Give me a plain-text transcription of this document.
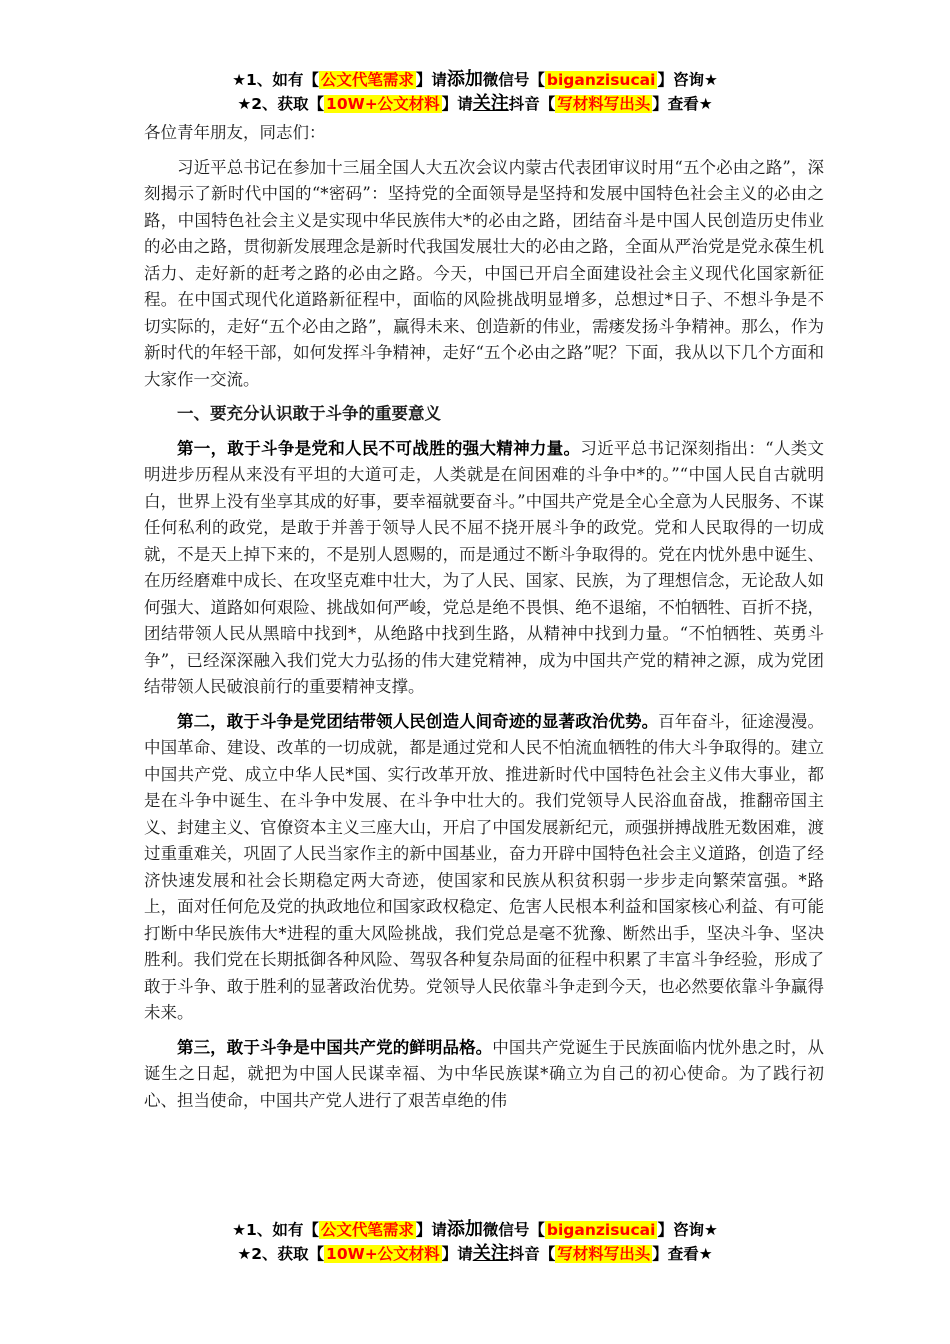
★1、如有【 公文代笔需求 】请添加微信号【 biganzisucai 】咨询★
★2、获取【 10W+公文材料 】请关注抖音【 写材料写出头 】查看★

各位青年朋友，同志们：

习近平总书记在参加十三届全国人大五次会议内蒙古代表团审议时用“五个必由之路”，深刻揭示了新时代中国的“*密码”：坚持党的全面领导是坚持和发展中国特色社会主义的必由之路，中国特色社会主义是实现中华民族伟大*的必由之路，团结奋斗是中国人民创造历史伟业的必由之路，贯彻新发展理念是新时代我国发展壮大的必由之路，全面从严治党是党永葆生机活力、走好新的赶考之路的必由之路。今天，中国已开启全面建设社会主义现代化国家新征程。在中国式现代化道路新征程中，面临的风险挑战明显增多，总想过*日子、不想斗争是不切实际的，走好“五个必由之路”，赢得未来、创造新的伟业，需瘘发扬斗争精神。那么，作为新时代的年轻干部，如何发挥斗争精神，走好“五个必由之路”呢？下面，我从以下几个方面和大家作一交流。

一、要充分认识敢于斗争的重要意义

第一，敢于斗争是党和人民不可战胜的强大精神力量。习近平总书记深刻指出：“人类文明进步历程从来没有平坦的大道可走，人类就是在间困难的斗争中*的。”“中国人民自古就明白，世界上没有坐享其成的好事，要幸福就要奋斗。”中国共产党是全心全意为人民服务、不谋任何私利的政党，是敢于并善于领导人民不屈不挠开展斗争的政党。党和人民取得的一切成就，不是天上掉下来的，不是别人恩赐的，而是通过不断斗争取得的。党在内忧外患中诞生、在历经磨难中成长、在攻坚克难中壮大，为了人民、国家、民族，为了理想信念，无论敌人如何强大、道路如何艰险、挑战如何严峻，党总是绝不畏惧、绝不退缩，不怕牺牲、百折不挠，团结带领人民从黑暗中找到*，从绝路中找到生路，从精神中找到力量。“不怕牺牲、英勇斗争”，已经深深融入我们党大力弘扬的伟大建党精神，成为中国共产党的精神之源，成为党团结带领人民破浪前行的重要精神支撑。

第二，敢于斗争是党团结带领人民创造人间奇迹的显著政治优势。百年奋斗，征途漫漫。中国革命、建设、改革的一切成就，都是通过党和人民不怕流血牺牲的伟大斗争取得的。建立中国共产党、成立中华人民*国、实行改革开放、推进新时代中国特色社会主义伟大事业，都是在斗争中诞生、在斗争中发展、在斗争中壮大的。我们党领导人民浴血奋战，推翻帝国主义、封建主义、官僚资本主义三座大山，开启了中国发展新纪元，顽强拼搏战胜无数困难，渡过重重难关，巩固了人民当家作主的新中国基业，奋力开辟中国特色社会主义道路，创造了经济快速发展和社会长期稳定两大奇迹，使国家和民族从积贫积弱一步步走向繁荣富强。*路上，面对任何危及党的执政地位和国家政权稳定、危害人民根本利益和国家核心利益、有可能打断中华民族伟大*进程的重大风险挑战，我们党总是毫不犹豫、断然出手，坚决斗争、坚决胜利。我们党在长期抵御各种风险、驾驭各种复杂局面的征程中积累了丰富斗争经验，形成了敢于斗争、敢于胜利的显著政治优势。党领导人民依靠斗争走到今天，也必然要依靠斗争赢得未来。

第三，敢于斗争是中国共产党的鲜明品格。中国共产党诞生于民族面临内忧外患之时，从诞生之日起，就把为中国人民谋幸福、为中华民族谋*确立为自己的初心使命。为了践行初心、担当使命，中国共产党人进行了艰苦卓绝的伟

★1、如有【 公文代笔需求 】请添加微信号【 biganzisucai 】咨询★
★2、获取【 10W+公文材料 】请关注抖音【 写材料写出头 】查看★
